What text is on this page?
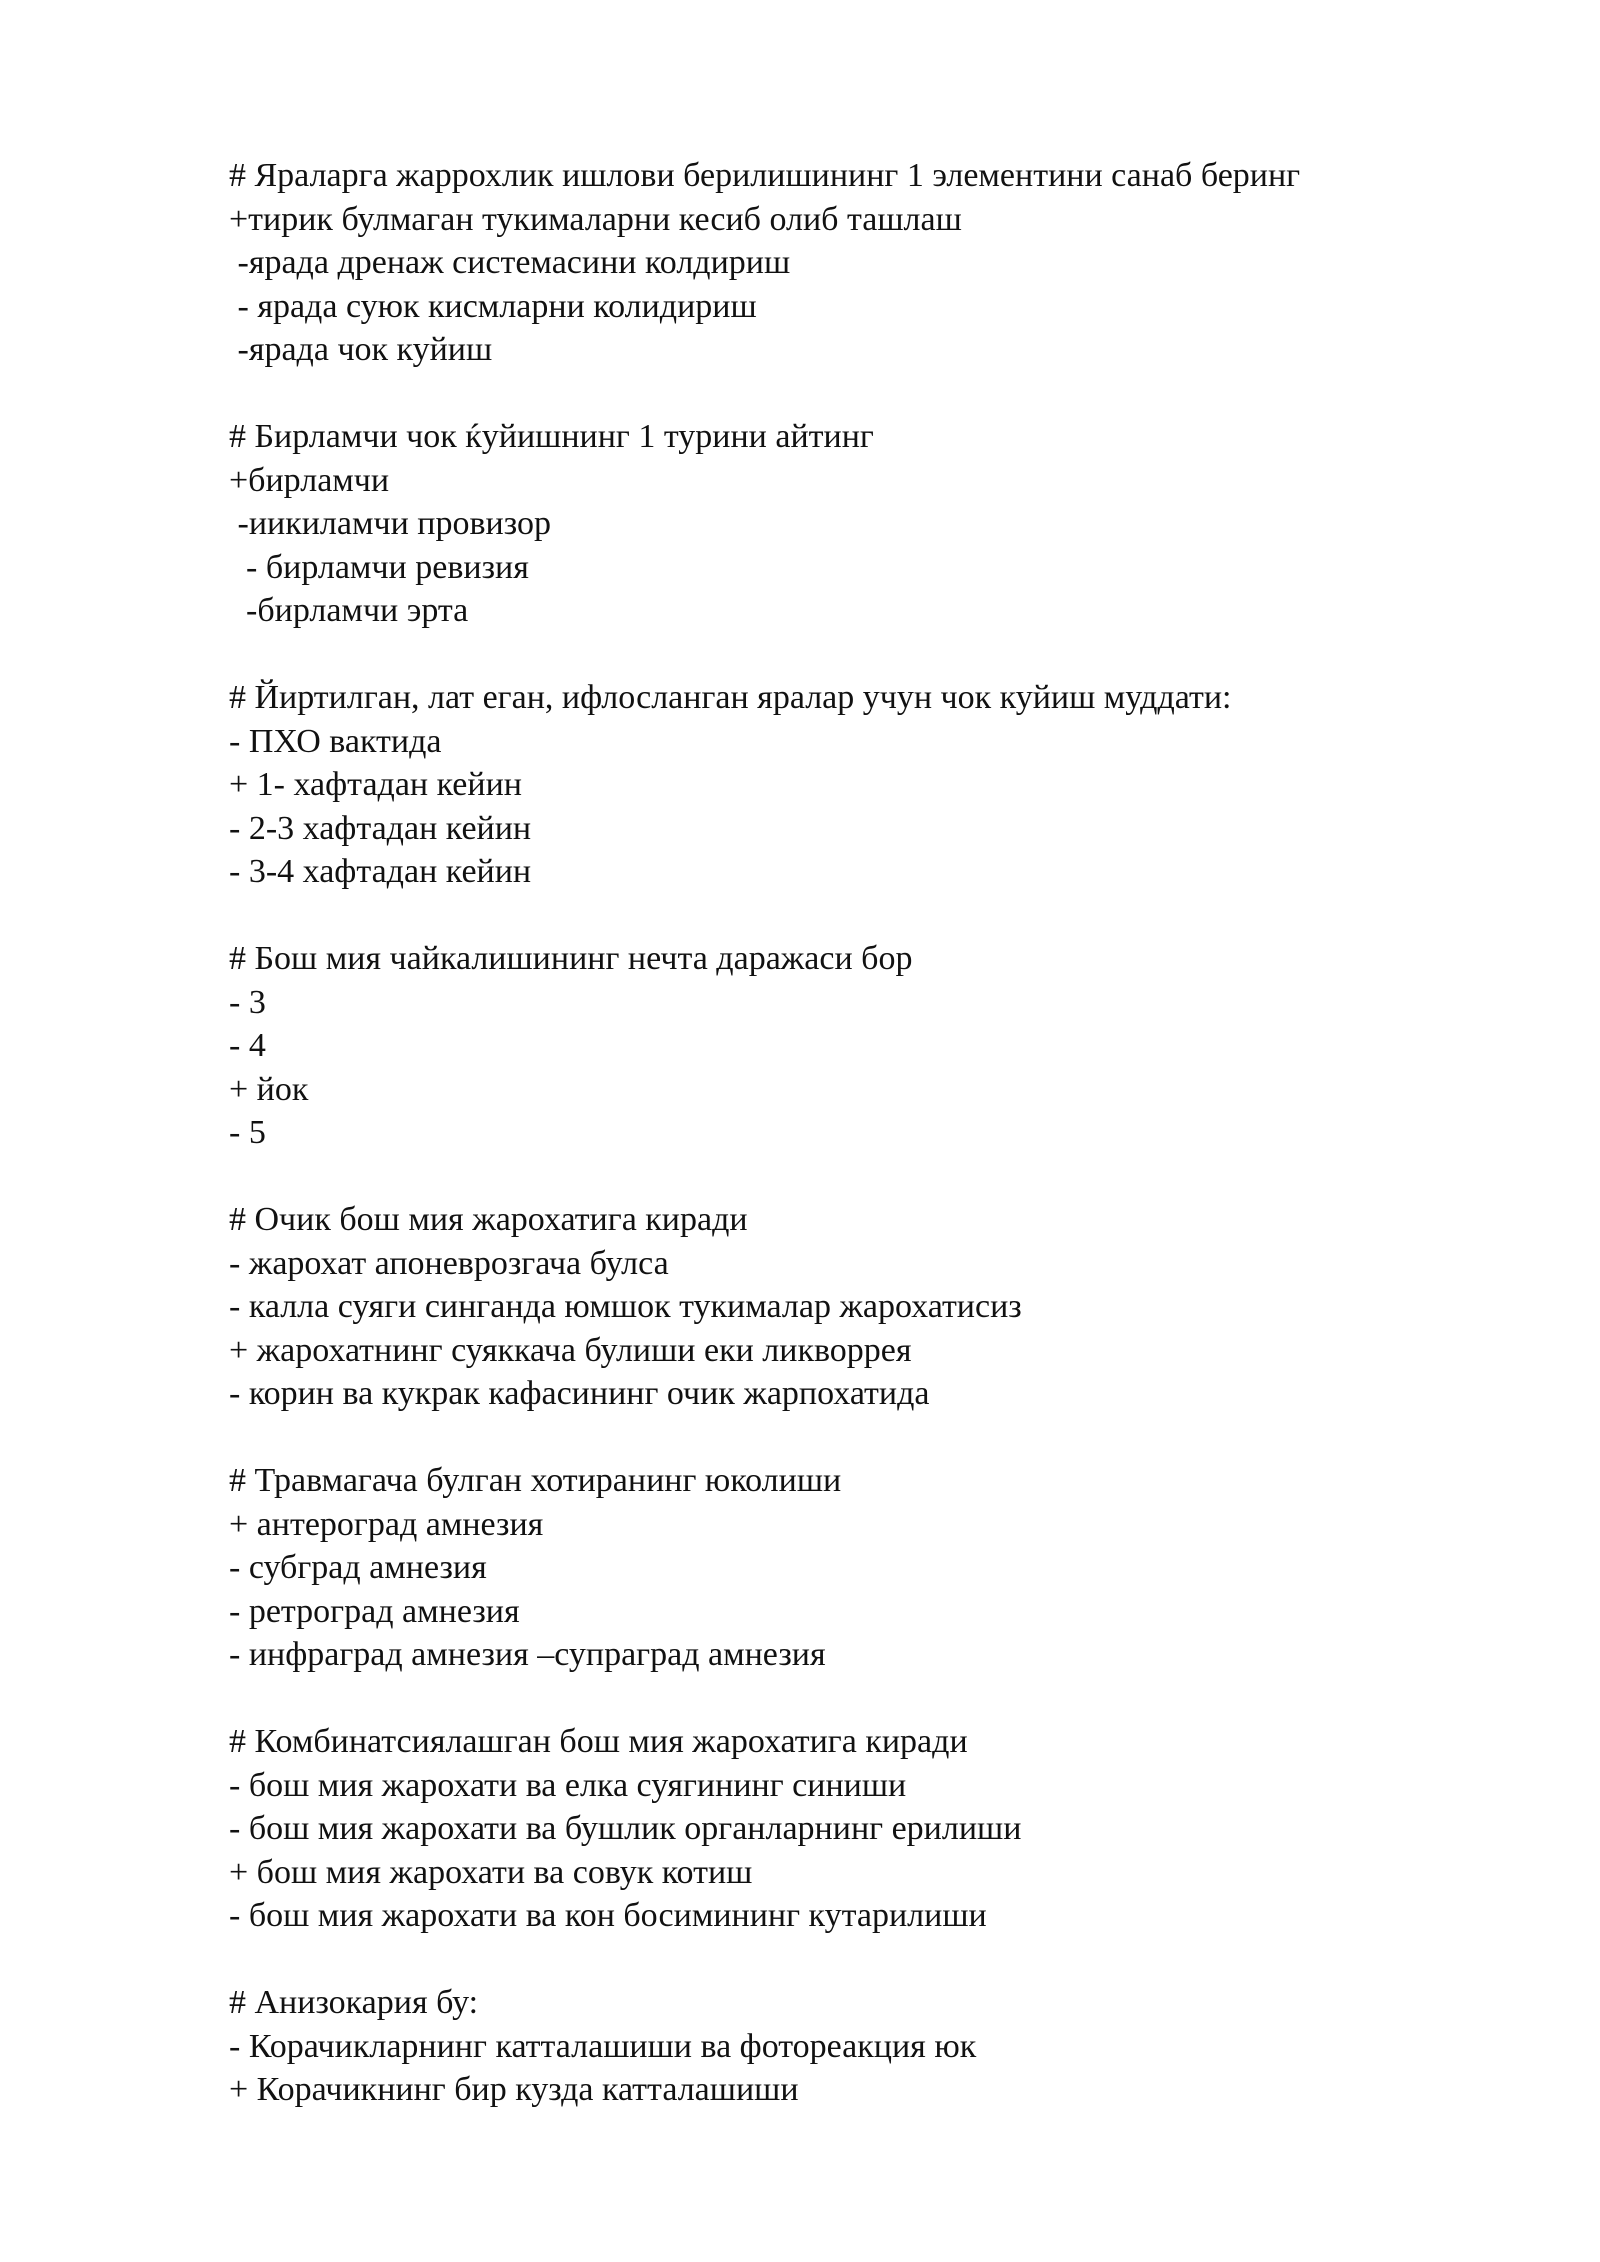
# Яраларга жаррохлик ишлови берилишининг 1 элементини санаб беринг
+тирик булмаган тукималарни кесиб олиб ташлаш
-ярада дренаж системасини колдириш
- ярада суюк кисмларни колидириш
-ярада чок куйиш
# Бирламчи чок ќуйишнинг 1 турини айтинг
+бирламчи
-иикиламчи провизор
- бирламчи ревизия
-бирламчи эрта
# Йиртилган, лат еган, ифлосланган яралар учун чок куйиш муддати:
- ПХО вактида
+ 1- хафтадан кейин
- 2-3 хафтадан кейин
- 3-4 хафтадан кейин
# Бош мия чайкалишининг нечта даражаси бор
- 3
- 4
+ йок
- 5
# Очик бош мия жарохатига киради
- жарохат апоневрозгача булса
- калла суяги синганда юмшок тукималар жарохатисиз
+ жарохатнинг суяккача булиши еки ликворрея
- корин ва кукрак кафасининг очик жарпохатида
# Травмагача булган хотиранинг юколиши
+ антероград амнезия
- субград амнезия
- ретроград амнезия
- инфраград амнезия –супраград амнезия
# Комбинатсиялашган бош мия жарохатига киради
- бош мия жарохати ва елка суягининг синиши
- бош мия жарохати ва бушлик органларнинг ерилиши
+ бош мия жарохати ва совук котиш
- бош мия жарохати ва кон босимининг кутарилиши
# Анизокария бу:
- Корачикларнинг катталашиши ва фотореакция юк
+ Корачикнинг бир кузда катталашиши
